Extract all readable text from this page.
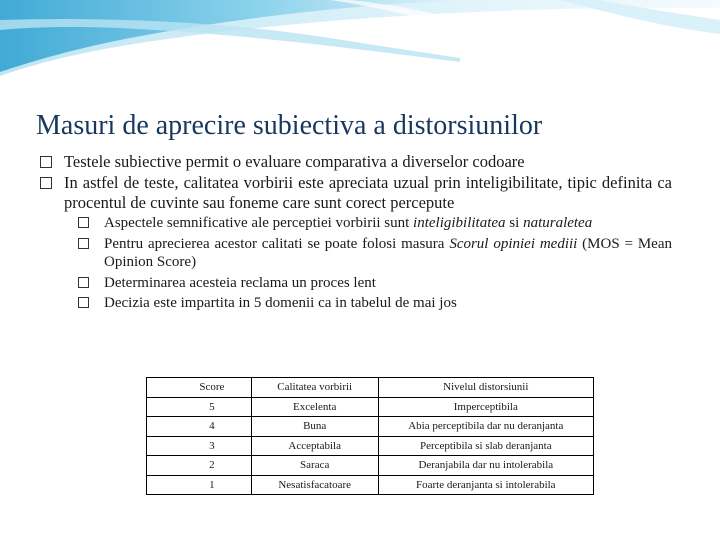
Masuri de aprecire subiectiva a distorsiunilor
Testele subiective permit o evaluare comparativa a diverselor codoare
In astfel de teste, calitatea vorbirii este apreciata uzual prin inteligibilitate, tipic definita ca procentul de cuvinte sau foneme care sunt corect percepute
Aspectele semnificative ale perceptiei vorbirii sunt inteligibilitatea si naturaletea
Pentru aprecierea acestor calitati se poate folosi masura Scorul opiniei mediii (MOS = Mean Opinion Score)
Determinarea acesteia reclama un proces lent
Decizia este impartita in 5 domenii ca in tabelul de mai jos
Score	Calitatea vorbirii	Nivelul distorsiunii
5	Excelenta	Imperceptibila
4	Buna	Abia perceptibila dar nu deranjanta
3	Acceptabila	Perceptibila si slab deranjanta
2	Saraca	Deranjabila dar nu intolerabila
1	Nesatisfacatoare	Foarte deranjanta si intolerabila
